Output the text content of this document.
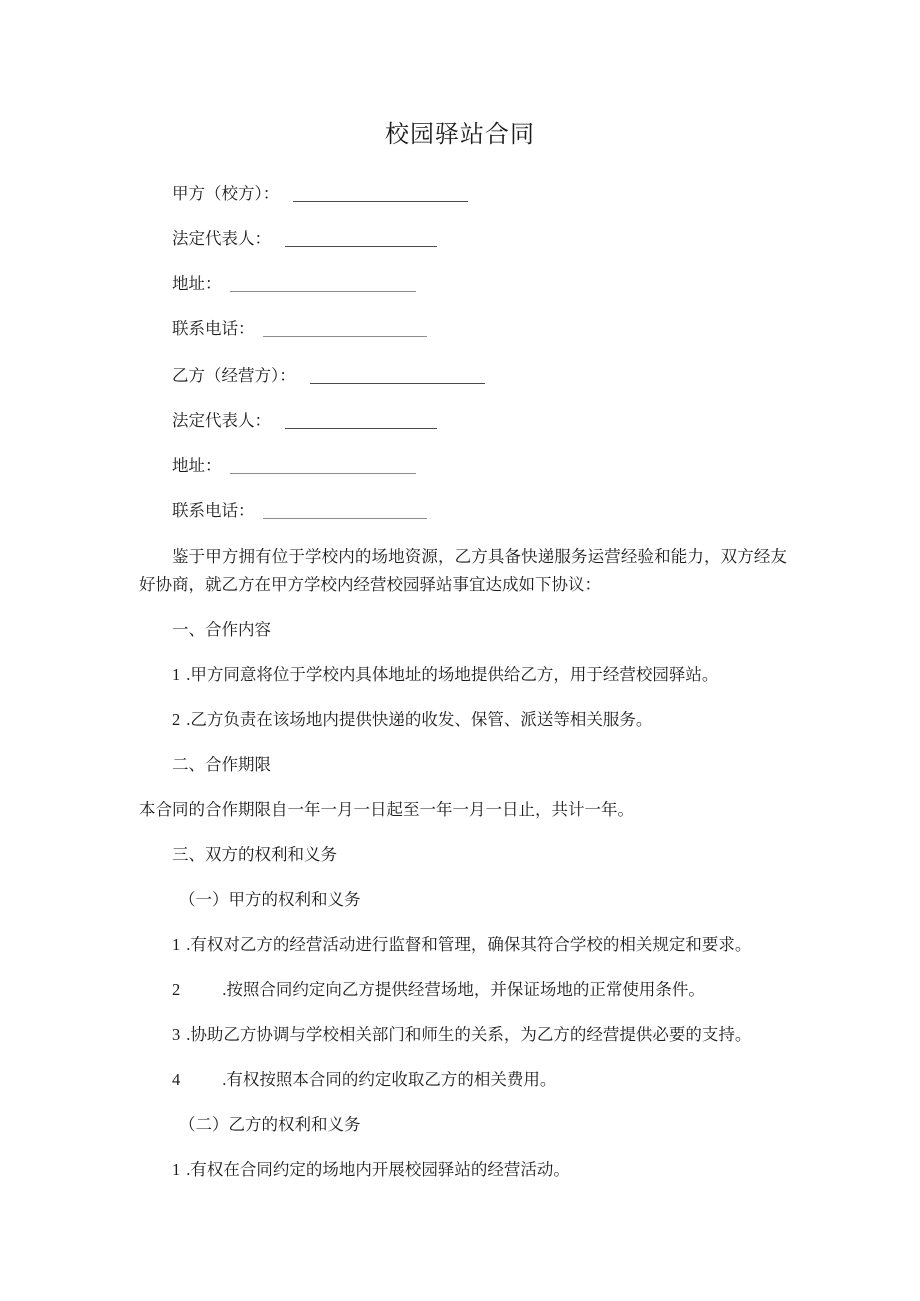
校园驿站合同
甲方（校方）：
法定代表人：
地址：
联系电话：
乙方（经营方）：
法定代表人：
地址：
联系电话：

鉴于甲方拥有位于学校内的场地资源，乙方具备快递服务运营经验和能力，双方经友好协商，就乙方在甲方学校内经营校园驿站事宜达成如下协议：

一、合作内容

1 .甲方同意将位于学校内具体地址的场地提供给乙方，用于经营校园驿站。

2 .乙方负责在该场地内提供快递的收发、保管、派送等相关服务。

二、合作期限

本合同的合作期限自一年一月一日起至一年一月一日止，共计一年。

三、双方的权利和义务

（一）甲方的权利和义务

1 .有权对乙方的经营活动进行监督和管理，确保其符合学校的相关规定和要求。

2	.按照合同约定向乙方提供经营场地，并保证场地的正常使用条件。

3 .协助乙方协调与学校相关部门和师生的关系，为乙方的经营提供必要的支持。

4	.有权按照本合同的约定收取乙方的相关费用。

（二）乙方的权利和义务

1 .有权在合同约定的场地内开展校园驿站的经营活动。
